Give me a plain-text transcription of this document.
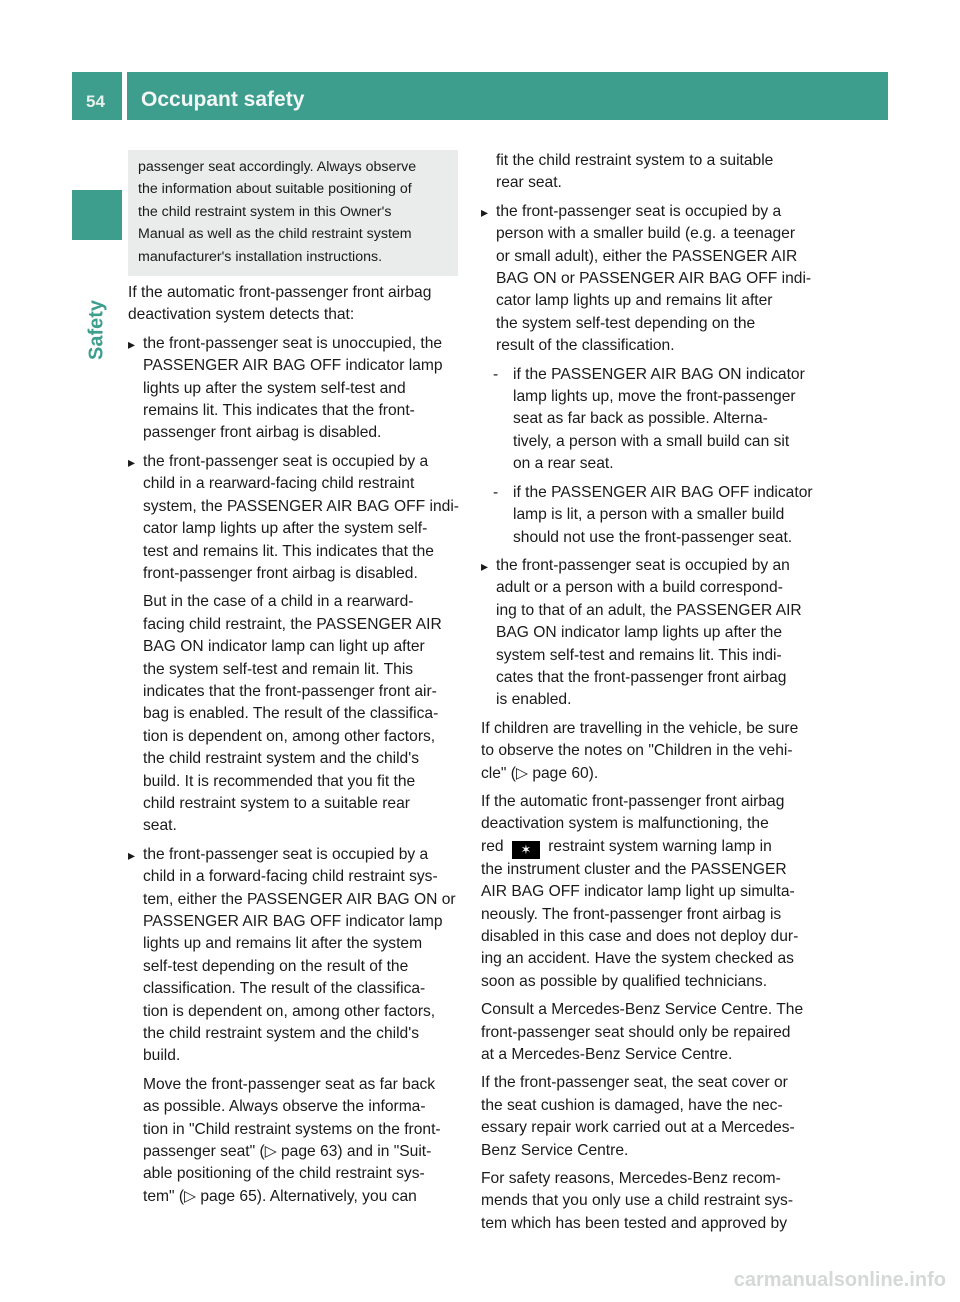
54 Occupant safety
Safety
passenger seat accordingly. Always observe
the information about suitable positioning of
the child restraint system in this Owner's
Manual as well as the child restraint system
manufacturer's installation instructions.
If the automatic front-passenger front airbag
deactivation system detects that:
▸ the front-passenger seat is unoccupied, the
PASSENGER AIR BAG OFF indicator lamp
lights up after the system self-test and
remains lit. This indicates that the front-
passenger front airbag is disabled.
▸ the front-passenger seat is occupied by a
child in a rearward-facing child restraint
system, the PASSENGER AIR BAG OFF indi-
cator lamp lights up after the system self-
test and remains lit. This indicates that the
front-passenger front airbag is disabled.
But in the case of a child in a rearward-
facing child restraint, the PASSENGER AIR
BAG ON indicator lamp can light up after
the system self-test and remain lit. This
indicates that the front-passenger front air-
bag is enabled. The result of the classifica-
tion is dependent on, among other factors,
the child restraint system and the child's
build. It is recommended that you fit the
child restraint system to a suitable rear
seat.
▸ the front-passenger seat is occupied by a
child in a forward-facing child restraint sys-
tem, either the PASSENGER AIR BAG ON or
PASSENGER AIR BAG OFF indicator lamp
lights up and remains lit after the system
self-test depending on the result of the
classification. The result of the classifica-
tion is dependent on, among other factors,
the child restraint system and the child's
build.
Move the front-passenger seat as far back
as possible. Always observe the informa-
tion in "Child restraint systems on the front-
passenger seat" (▷ page 63) and in "Suit-
able positioning of the child restraint sys-
tem" (▷ page 65). Alternatively, you can
fit the child restraint system to a suitable
rear seat.
▸ the front-passenger seat is occupied by a
person with a smaller build (e.g. a teenager
or small adult), either the PASSENGER AIR
BAG ON or PASSENGER AIR BAG OFF indi-
cator lamp lights up and remains lit after
the system self-test depending on the
result of the classification.
- if the PASSENGER AIR BAG ON indicator
lamp lights up, move the front-passenger
seat as far back as possible. Alterna-
tively, a person with a small build can sit
on a rear seat.
- if the PASSENGER AIR BAG OFF indicator
lamp is lit, a person with a smaller build
should not use the front-passenger seat.
▸ the front-passenger seat is occupied by an
adult or a person with a build correspond-
ing to that of an adult, the PASSENGER AIR
BAG ON indicator lamp lights up after the
system self-test and remains lit. This indi-
cates that the front-passenger front airbag
is enabled.
If children are travelling in the vehicle, be sure
to observe the notes on "Children in the vehi-
cle" (▷ page 60).
If the automatic front-passenger front airbag
deactivation system is malfunctioning, the
red ✶ restraint system warning lamp in
the instrument cluster and the PASSENGER
AIR BAG OFF indicator lamp light up simulta-
neously. The front-passenger front airbag is
disabled in this case and does not deploy dur-
ing an accident. Have the system checked as
soon as possible by qualified technicians.
Consult a Mercedes-Benz Service Centre. The
front-passenger seat should only be repaired
at a Mercedes-Benz Service Centre.
If the front-passenger seat, the seat cover or
the seat cushion is damaged, have the nec-
essary repair work carried out at a Mercedes-
Benz Service Centre.
For safety reasons, Mercedes-Benz recom-
mends that you only use a child restraint sys-
tem which has been tested and approved by
carmanualsonline.info
